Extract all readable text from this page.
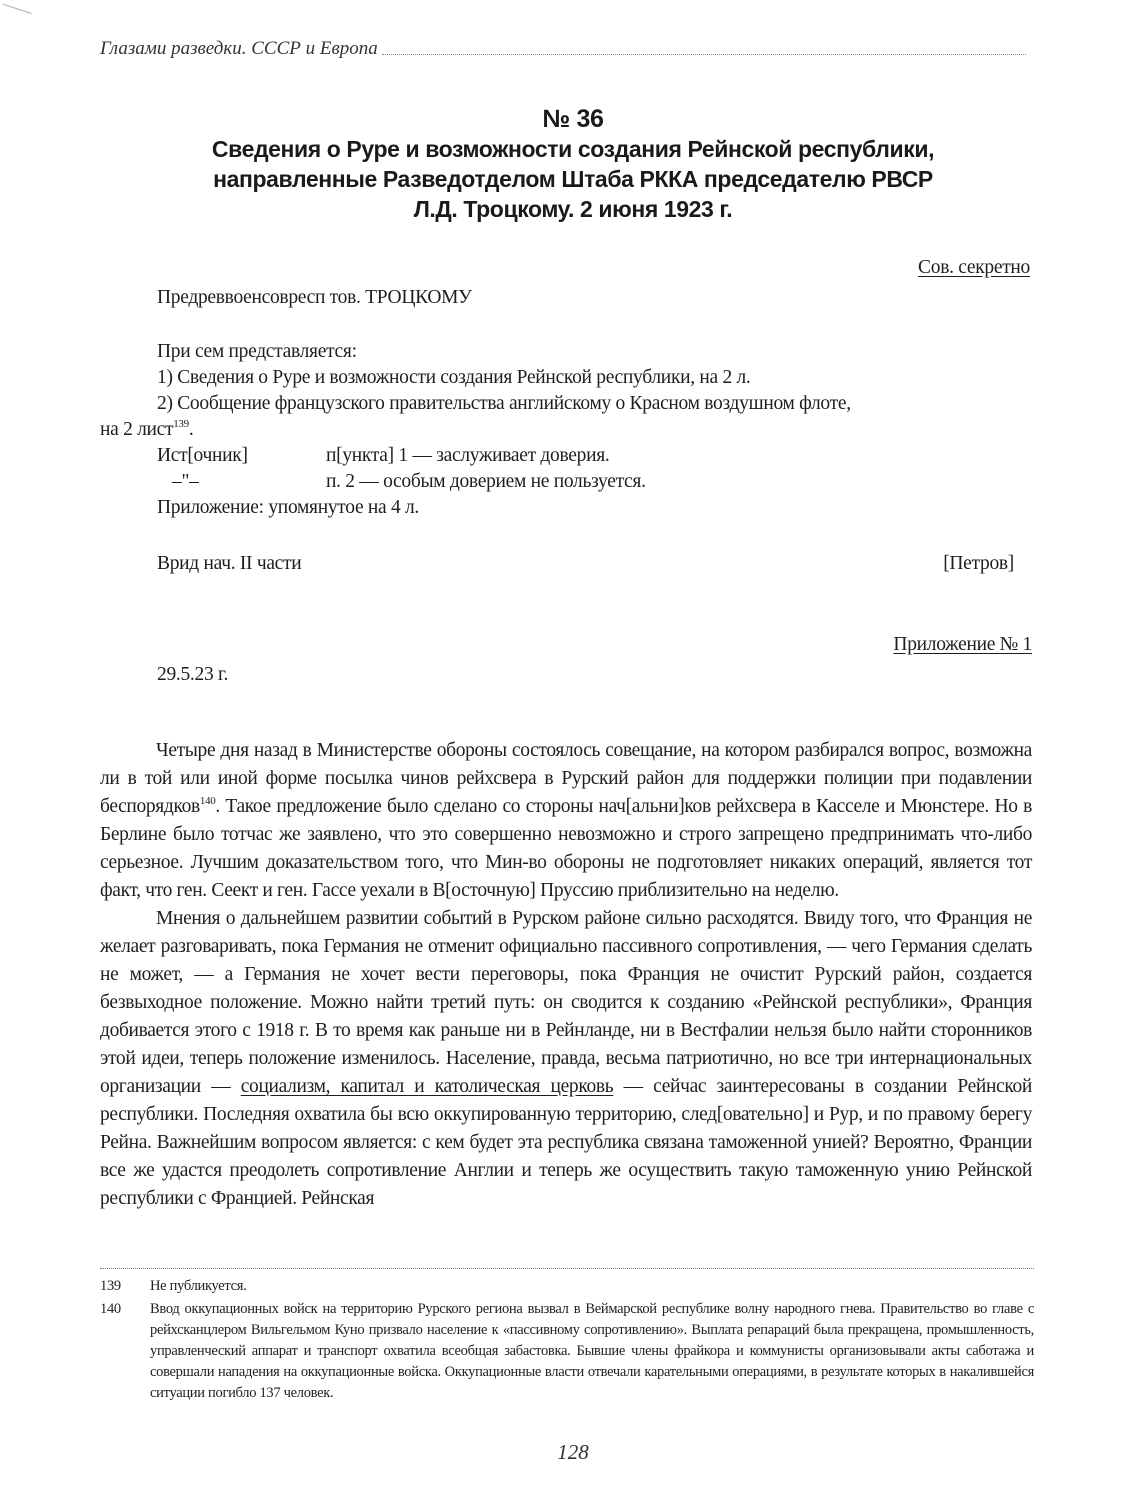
Глазами разведки. СССР и Европа
№ 36
Сведения о Руре и возможности создания Рейнской республики,
направленные Разведотделом Штаба РККА председателю РВСР
Л.Д. Троцкому. 2 июня 1923 г.
Сов. секретно
Предреввоенсовресп тов. ТРОЦКОМУ
При сем представляется:
1) Сведения о Руре и возможности создания Рейнской республики, на 2 л.
2) Сообщение французского правительства английскому о Красном воздушном флоте,
на 2 лист$^{139}$.
Ист[очник]	п[ункта] 1 — заслуживает доверия.
–"–	п. 2 — особым доверием не пользуется.
Приложение: упомянутое на 4 л.
Врид нач. II части	[Петров]
Приложение № 1
29.5.23 г.

Четыре дня назад в Министерстве обороны состоялось совещание, на котором разбирался вопрос, возможна ли в той или иной форме посылка чинов рейхсвера в Рурский район для поддержки полиции при подавлении беспорядков$^{140}$. Такое предложение было сделано со стороны нач[альни]ков рейхсвера в Касселе и Мюнстере. Но в Берлине было тотчас же заявлено, что это совершенно невозможно и строго запрещено предпринимать что-либо серьезное. Лучшим доказательством того, что Мин-во обороны не подготовляет никаких операций, является тот факт, что ген. Сеект и ген. Гассе уехали в В[осточную] Пруссию приблизительно на неделю.

Мнения о дальнейшем развитии событий в Рурском районе сильно расходятся. Ввиду того, что Франция не желает разговаривать, пока Германия не отменит официально пассивного сопротивления, — чего Германия сделать не может, — а Германия не хочет вести переговоры, пока Франция не очистит Рурский район, создается безвыходное положение. Можно найти третий путь: он сводится к созданию «Рейнской республики», Франция добивается этого с 1918 г. В то время как раньше ни в Рейнланде, ни в Вестфалии нельзя было найти сторонников этой идеи, теперь положение изменилось. Население, правда, весьма патриотично, но все три интернациональных организации — социализм, капитал и католическая церковь — сейчас заинтересованы в создании Рейнской республики. Последняя охватила бы всю оккупированную территорию, след[овательно] и Рур, и по правому берегу Рейна. Важнейшим вопросом является: с кем будет эта республика связана таможенной унией? Вероятно, Франции все же удастся преодолеть сопротивление Англии и теперь же осуществить такую таможенную унию Рейнской республики с Францией. Рейнская

139	Не публикуется.
140	Ввод оккупационных войск на территорию Рурского региона вызвал в Веймарской республике волну народного гнева. Правительство во главе с рейхсканцлером Вильгельмом Куно призвало население к «пассивному сопротивлению». Выплата репараций была прекращена, промышленность, управленческий аппарат и транспорт охватила всеобщая забастовка. Бывшие члены фрайкора и коммунисты организовывали акты саботажа и совершали нападения на оккупационные войска. Оккупационные власти отвечали карательными операциями, в результате которых в накалившейся ситуации погибло 137 человек.
128
